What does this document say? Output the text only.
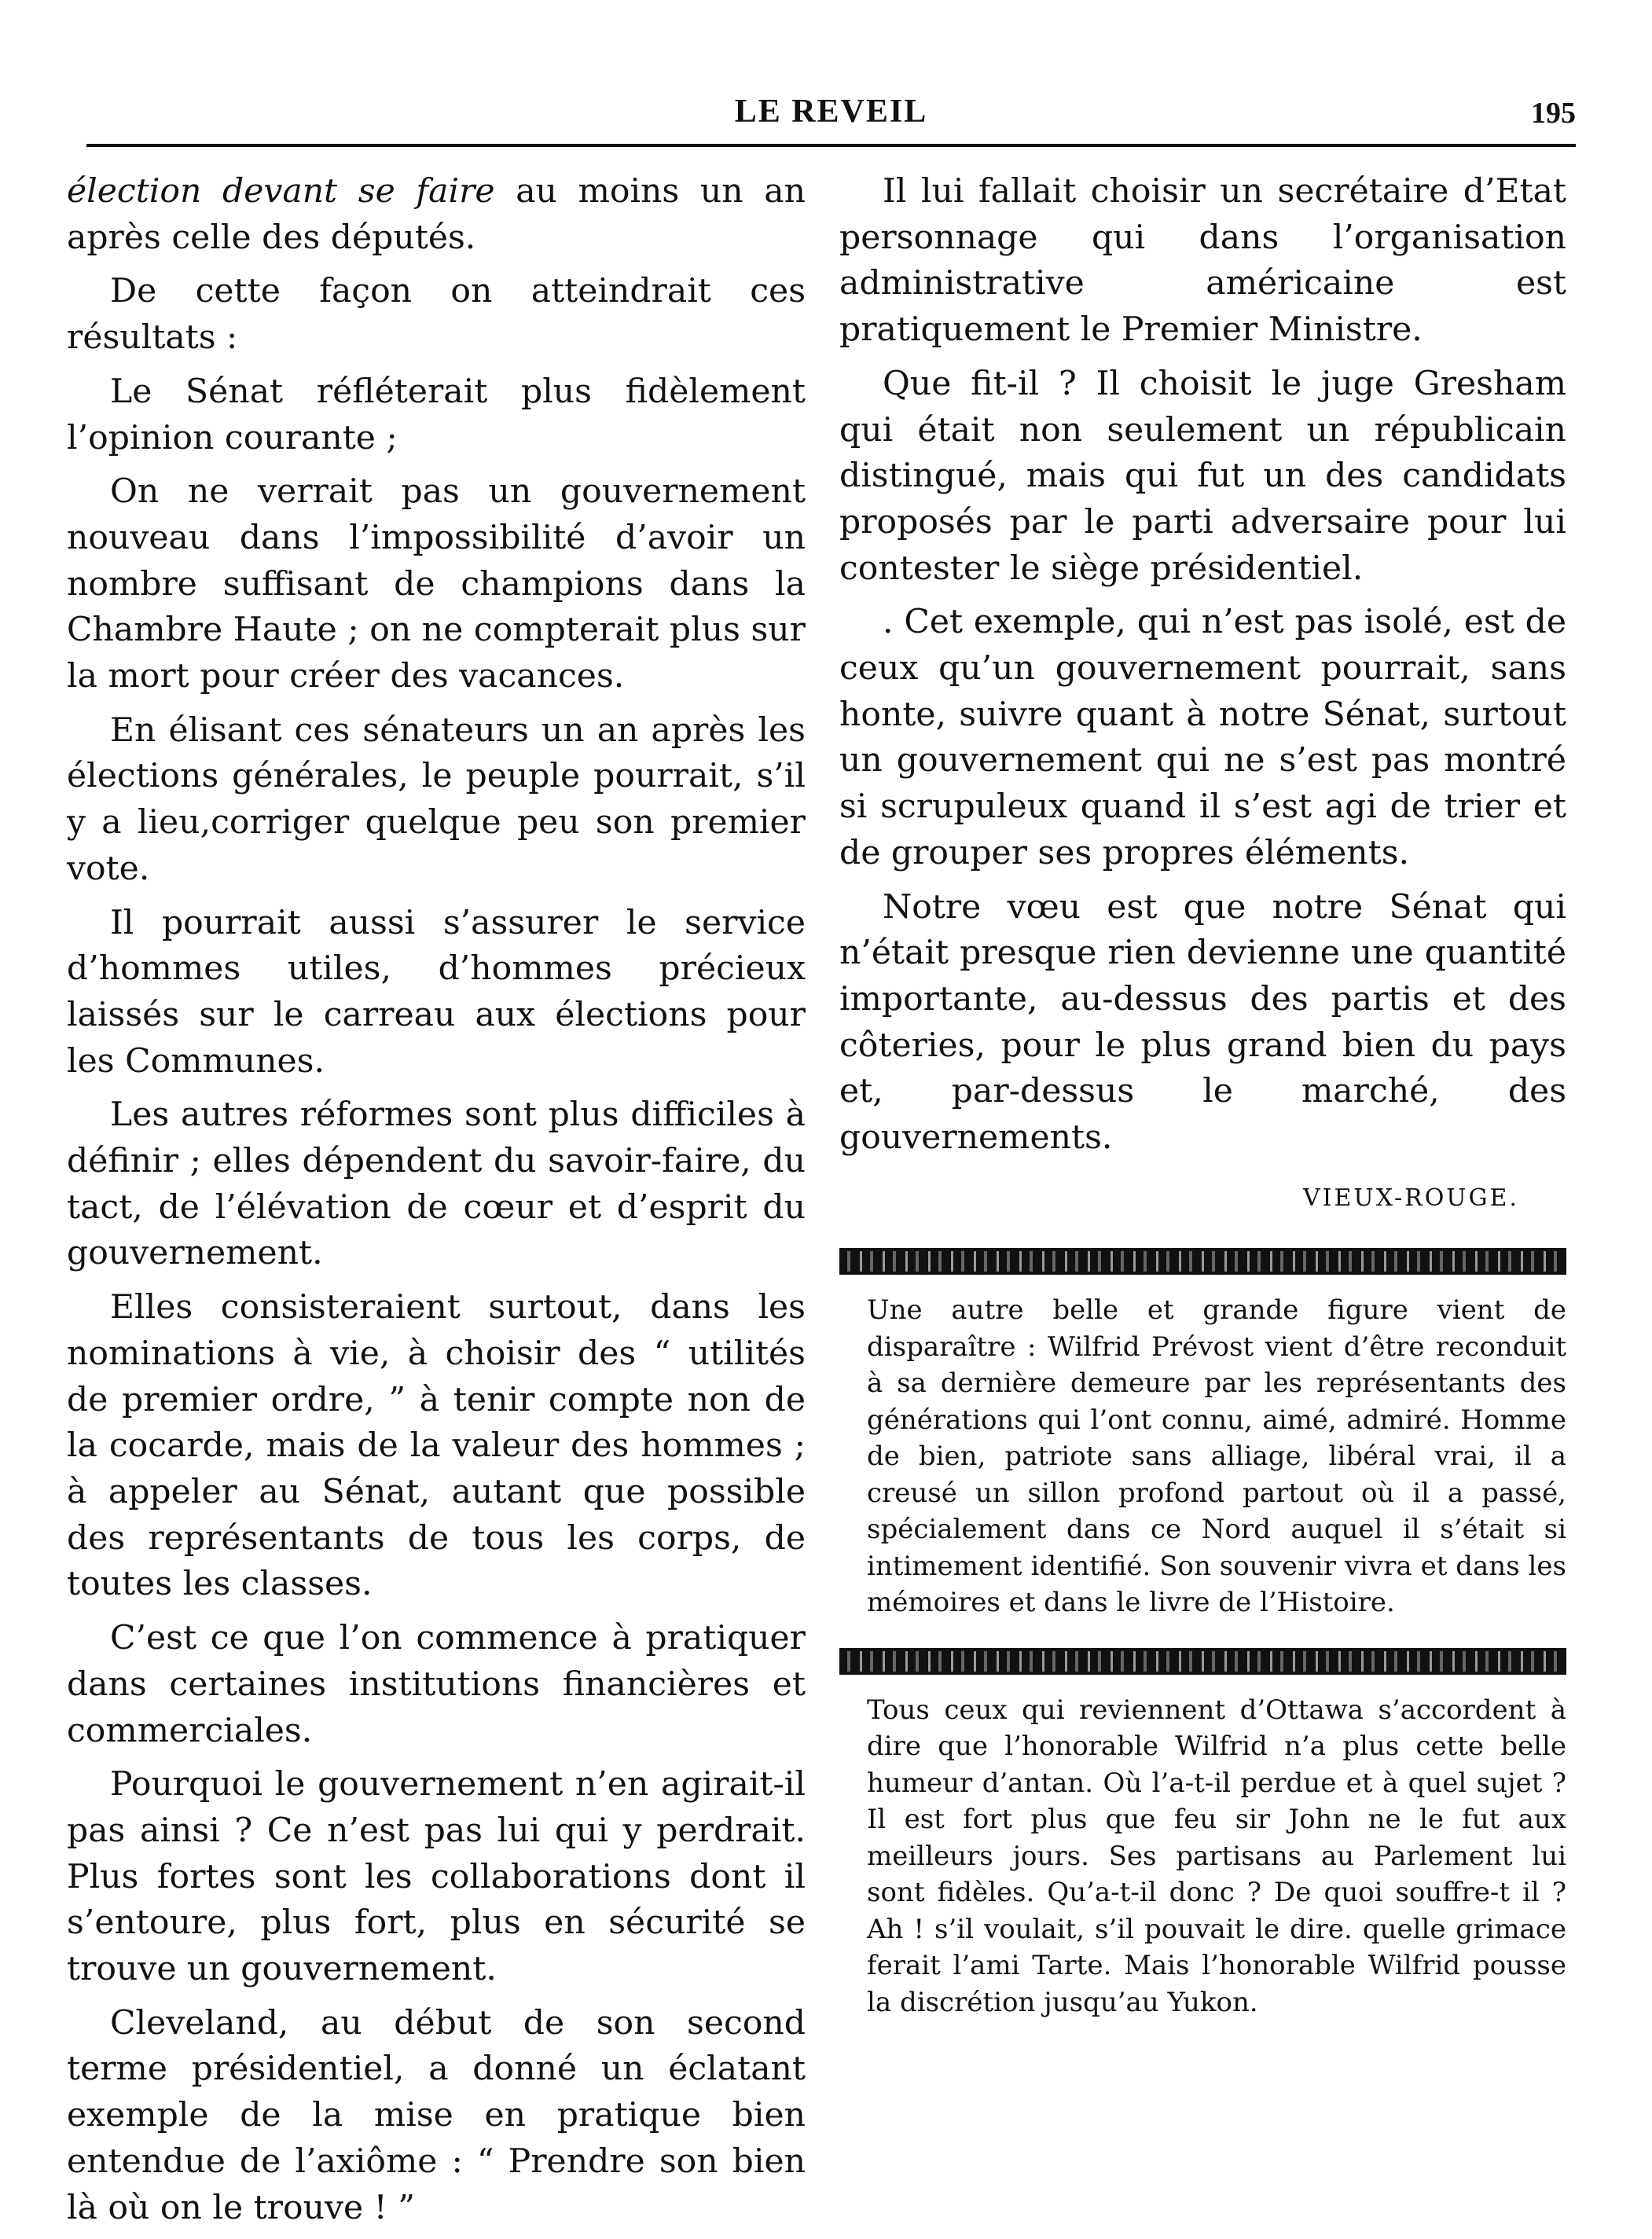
LE REVEIL	195

élection devant se faire au moins un an après celle des députés.

De cette façon on atteindrait ces résultats :

Le Sénat réfléterait plus fidèlement l’opinion courante ;

On ne verrait pas un gouvernement nouveau dans l’impossibilité d’avoir un nombre suffisant de champions dans la Chambre Haute ; on ne compterait plus sur la mort pour créer des vacances.

En élisant ces sénateurs un an après les élections générales, le peuple pourrait, s’il y a lieu,corriger quelque peu son premier vote.

Il pourrait aussi s’assurer le service d’hommes utiles, d’hommes précieux laissés sur le carreau aux élections pour les Communes.

Les autres réformes sont plus difficiles à définir ; elles dépendent du savoir-faire, du tact, de l’élévation de cœur et d’esprit du gouvernement.

Elles consisteraient surtout, dans les nominations à vie, à choisir des “ utilités de premier ordre, ” à tenir compte non de la cocarde, mais de la valeur des hommes ; à appeler au Sénat, autant que possible des représentants de tous les corps, de toutes les classes.

C’est ce que l’on commence à pratiquer dans certaines institutions financières et commerciales.

Pourquoi le gouvernement n’en agirait-il pas ainsi ? Ce n’est pas lui qui y perdrait. Plus fortes sont les collaborations dont il s’entoure, plus fort, plus en sécurité se trouve un gouvernement.

Cleveland, au début de son second terme présidentiel, a donné un éclatant exemple de la mise en pratique bien entendue de l’axiôme : “ Prendre son bien là où on le trouve ! ”

Il lui fallait choisir un secrétaire d’Etat personnage qui dans l’organisation administrative américaine est pratiquement le Premier Ministre.

Que fit-il ? Il choisit le juge Gresham qui était non seulement un républicain distingué, mais qui fut un des candidats proposés par le parti adversaire pour lui contester le siège présidentiel.

. Cet exemple, qui n’est pas isolé, est de ceux qu’un gouvernement pourrait, sans honte, suivre quant à notre Sénat, surtout un gouvernement qui ne s’est pas montré si scrupuleux quand il s’est agi de trier et de grouper ses propres éléments.

Notre vœu est que notre Sénat qui n’était presque rien devienne une quantité importante, au-dessus des partis et des côteries, pour le plus grand bien du pays et, par-dessus le marché, des gouvernements.

VIEUX-ROUGE.

Une autre belle et grande figure vient de disparaître : Wilfrid Prévost vient d’être reconduit à sa dernière demeure par les représentants des générations qui l’ont connu, aimé, admiré. Homme de bien, patriote sans alliage, libéral vrai, il a creusé un sillon profond partout où il a passé, spécialement dans ce Nord auquel il s’était si intimement identifié. Son souvenir vivra et dans les mémoires et dans le livre de l’Histoire.

Tous ceux qui reviennent d’Ottawa s’accordent à dire que l’honorable Wilfrid n’a plus cette belle humeur d’antan. Où l’a-t-il perdue et à quel sujet ? Il est fort plus que feu sir John ne le fut aux meilleurs jours. Ses partisans au Parlement lui sont fidèles. Qu’a-t-il donc ? De quoi souffre-t il ? Ah ! s’il voulait, s’il pouvait le dire. quelle grimace ferait l’ami Tarte. Mais l’honorable Wilfrid pousse la discrétion jusqu’au Yukon.
